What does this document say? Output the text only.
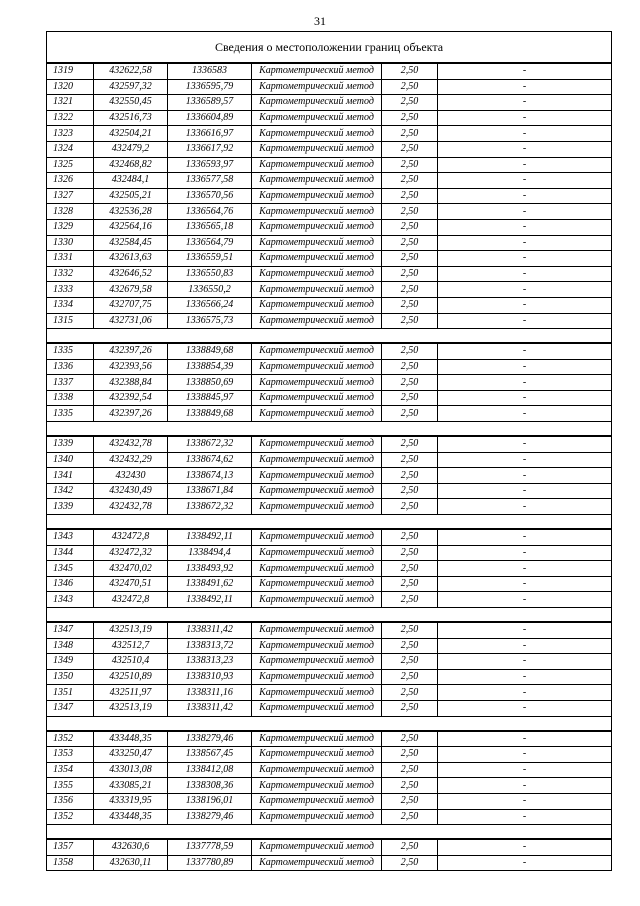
31
Сведения о местоположении границ объекта					
1319	432622,58	1336583	Картометрический метод	2,50	-
1320	432597,32	1336595,79	Картометрический метод	2,50	-
1321	432550,45	1336589,57	Картометрический метод	2,50	-
1322	432516,73	1336604,89	Картометрический метод	2,50	-
1323	432504,21	1336616,97	Картометрический метод	2,50	-
1324	432479,2	1336617,92	Картометрический метод	2,50	-
1325	432468,82	1336593,97	Картометрический метод	2,50	-
1326	432484,1	1336577,58	Картометрический метод	2,50	-
1327	432505,21	1336570,56	Картометрический метод	2,50	-
1328	432536,28	1336564,76	Картометрический метод	2,50	-
1329	432564,16	1336565,18	Картометрический метод	2,50	-
1330	432584,45	1336564,79	Картометрический метод	2,50	-
1331	432613,63	1336559,51	Картометрический метод	2,50	-
1332	432646,52	1336550,83	Картометрический метод	2,50	-
1333	432679,58	1336550,2	Картометрический метод	2,50	-
1334	432707,75	1336566,24	Картометрический метод	2,50	-
1315	432731,06	1336575,73	Картометрический метод	2,50	-

1335	432397,26	1338849,68	Картометрический метод	2,50	-
1336	432393,56	1338854,39	Картометрический метод	2,50	-
1337	432388,84	1338850,69	Картометрический метод	2,50	-
1338	432392,54	1338845,97	Картометрический метод	2,50	-
1335	432397,26	1338849,68	Картометрический метод	2,50	-

1339	432432,78	1338672,32	Картометрический метод	2,50	-
1340	432432,29	1338674,62	Картометрический метод	2,50	-
1341	432430	1338674,13	Картометрический метод	2,50	-
1342	432430,49	1338671,84	Картометрический метод	2,50	-
1339	432432,78	1338672,32	Картометрический метод	2,50	-

1343	432472,8	1338492,11	Картометрический метод	2,50	-
1344	432472,32	1338494,4	Картометрический метод	2,50	-
1345	432470,02	1338493,92	Картометрический метод	2,50	-
1346	432470,51	1338491,62	Картометрический метод	2,50	-
1343	432472,8	1338492,11	Картометрический метод	2,50	-

1347	432513,19	1338311,42	Картометрический метод	2,50	-
1348	432512,7	1338313,72	Картометрический метод	2,50	-
1349	432510,4	1338313,23	Картометрический метод	2,50	-
1350	432510,89	1338310,93	Картометрический метод	2,50	-
1351	432511,97	1338311,16	Картометрический метод	2,50	-
1347	432513,19	1338311,42	Картометрический метод	2,50	-

1352	433448,35	1338279,46	Картометрический метод	2,50	-
1353	433250,47	1338567,45	Картометрический метод	2,50	-
1354	433013,08	1338412,08	Картометрический метод	2,50	-
1355	433085,21	1338308,36	Картометрический метод	2,50	-
1356	433319,95	1338196,01	Картометрический метод	2,50	-
1352	433448,35	1338279,46	Картометрический метод	2,50	-

1357	432630,6	1337778,59	Картометрический метод	2,50	-
1358	432630,11	1337780,89	Картометрический метод	2,50	-
